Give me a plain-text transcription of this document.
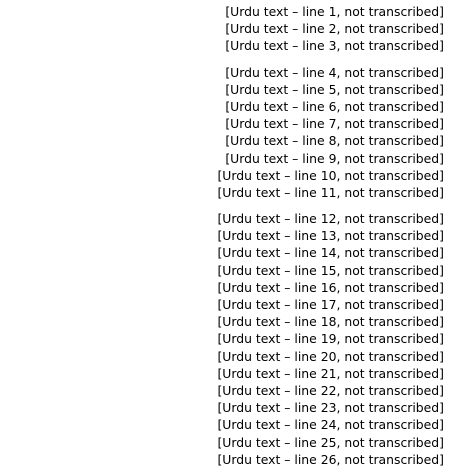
[Urdu text – line 1, not transcribed]
[Urdu text – line 2, not transcribed]
[Urdu text – line 3, not transcribed]
[Urdu text – line 4, not transcribed]
[Urdu text – line 5, not transcribed]
[Urdu text – line 6, not transcribed]
[Urdu text – line 7, not transcribed]
[Urdu text – line 8, not transcribed]
[Urdu text – line 9, not transcribed]
[Urdu text – line 10, not transcribed]
[Urdu text – line 11, not transcribed]
[Urdu text – line 12, not transcribed]
[Urdu text – line 13, not transcribed]
[Urdu text – line 14, not transcribed]
[Urdu text – line 15, not transcribed]
[Urdu text – line 16, not transcribed]
[Urdu text – line 17, not transcribed]
[Urdu text – line 18, not transcribed]
[Urdu text – line 19, not transcribed]
[Urdu text – line 20, not transcribed]
[Urdu text – line 21, not transcribed]
[Urdu text – line 22, not transcribed]
[Urdu text – line 23, not transcribed]
[Urdu text – line 24, not transcribed]
[Urdu text – line 25, not transcribed]
[Urdu text – line 26, not transcribed]
